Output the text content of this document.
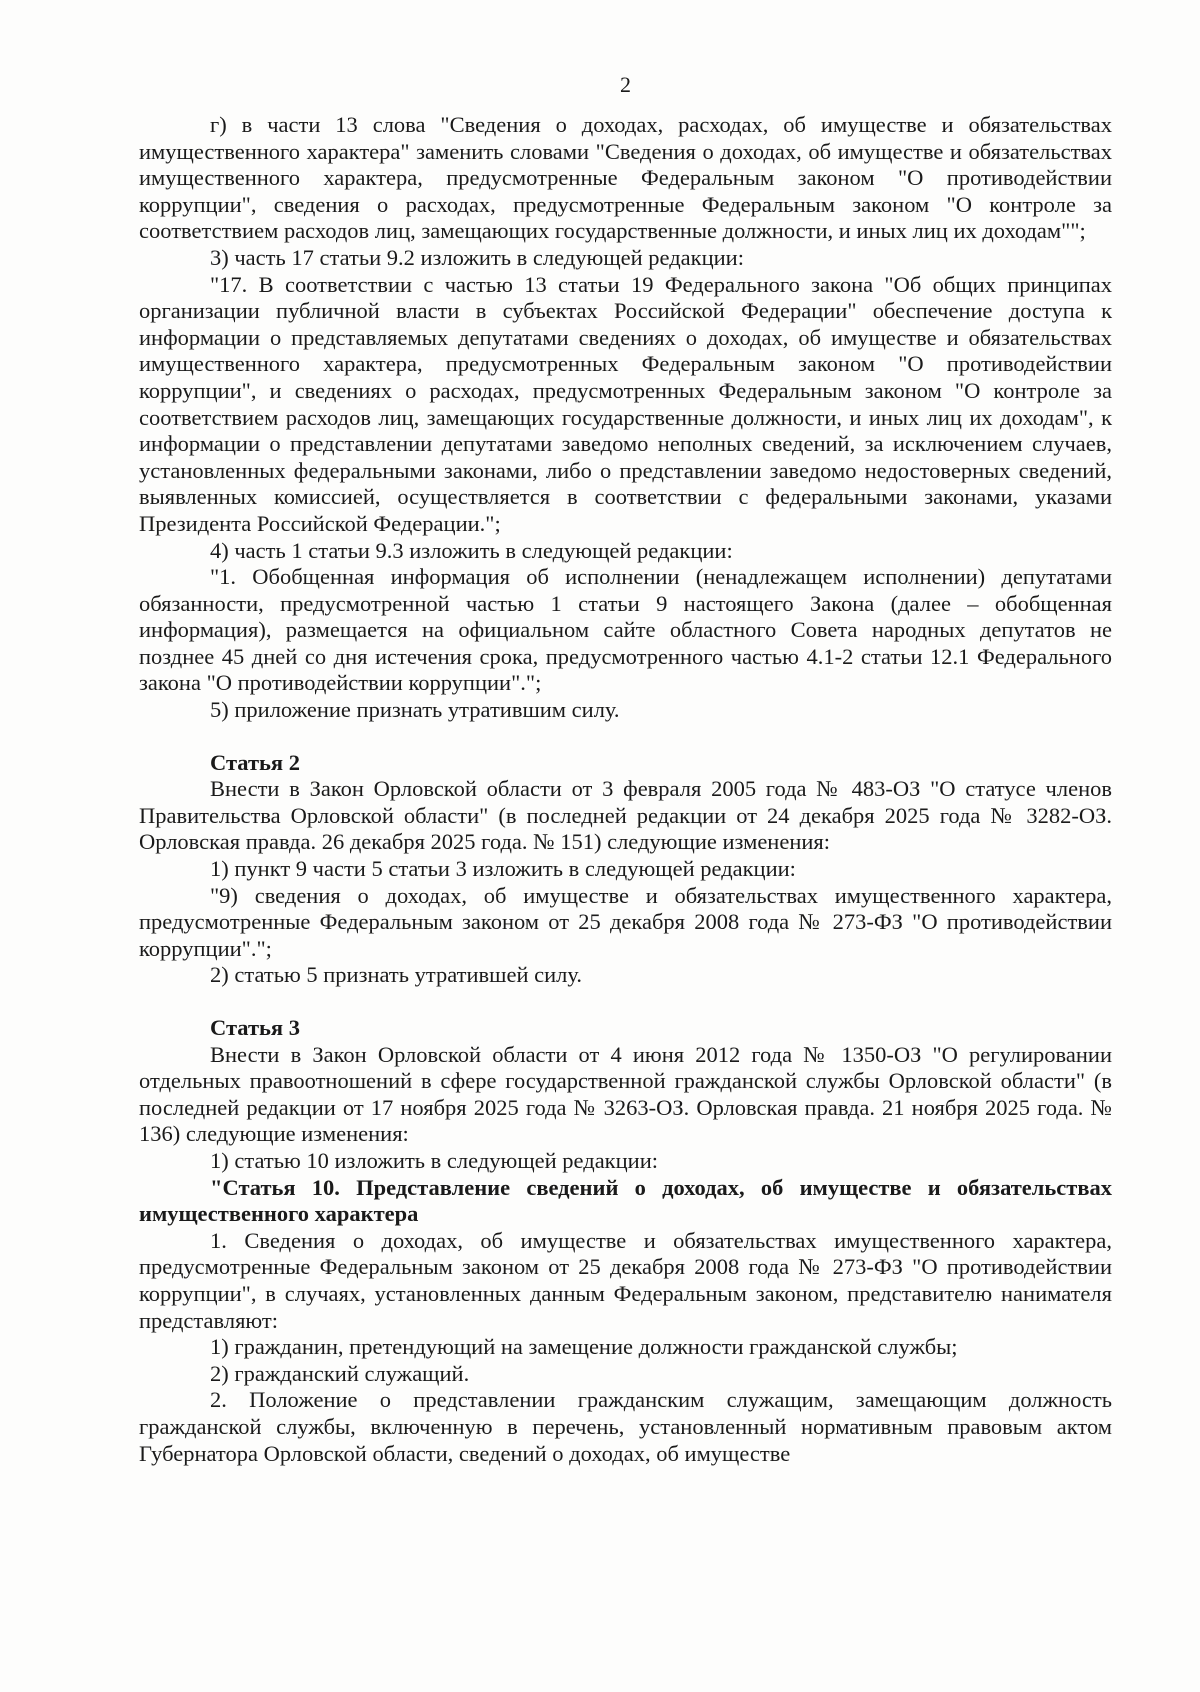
2

г) в части 13 слова "Сведения о доходах, расходах, об имуществе и обязательствах имущественного характера" заменить словами "Сведения о доходах, об имуществе и обязательствах имущественного характера, предусмотренные Федеральным законом "О противодействии коррупции", сведения о расходах, предусмотренные Федеральным законом "О контроле за соответствием расходов лиц, замещающих государственные должности, и иных лиц их доходам"";

3) часть 17 статьи 9.2 изложить в следующей редакции:

"17. В соответствии с частью 13 статьи 19 Федерального закона "Об общих принципах организации публичной власти в субъектах Российской Федерации" обеспечение доступа к информации о представляемых депутатами сведениях о доходах, об имуществе и обязательствах имущественного характера, предусмотренных Федеральным законом "О противодействии коррупции", и сведениях о расходах, предусмотренных Федеральным законом "О контроле за соответствием расходов лиц, замещающих государственные должности, и иных лиц их доходам", к информации о представлении депутатами заведомо неполных сведений, за исключением случаев, установленных федеральными законами, либо о представлении заведомо недостоверных сведений, выявленных комиссией, осуществляется в соответствии с федеральными законами, указами Президента Российской Федерации.";

4) часть 1 статьи 9.3 изложить в следующей редакции:

"1. Обобщенная информация об исполнении (ненадлежащем исполнении) депутатами обязанности, предусмотренной частью 1 статьи 9 настоящего Закона (далее – обобщенная информация), размещается на официальном сайте областного Совета народных депутатов не позднее 45 дней со дня истечения срока, предусмотренного частью 4.1-2 статьи 12.1 Федерального закона "О противодействии коррупции".";

5) приложение признать утратившим силу.

Статья 2

Внести в Закон Орловской области от 3 февраля 2005 года № 483-ОЗ "О статусе членов Правительства Орловской области" (в последней редакции от 24 декабря 2025 года № 3282-ОЗ. Орловская правда. 26 декабря 2025 года. № 151) следующие изменения:

1) пункт 9 части 5 статьи 3 изложить в следующей редакции:

"9) сведения о доходах, об имуществе и обязательствах имущественного характера, предусмотренные Федеральным законом от 25 декабря 2008 года № 273-ФЗ "О противодействии коррупции".";

2) статью 5 признать утратившей силу.

Статья 3

Внести в Закон Орловской области от 4 июня 2012 года № 1350-ОЗ "О регулировании отдельных правоотношений в сфере государственной гражданской службы Орловской области" (в последней редакции от 17 ноября 2025 года № 3263-ОЗ. Орловская правда. 21 ноября 2025 года. № 136) следующие изменения:

1) статью 10 изложить в следующей редакции:

"Статья 10. Представление сведений о доходах, об имуществе и обязательствах имущественного характера

1. Сведения о доходах, об имуществе и обязательствах имущественного характера, предусмотренные Федеральным законом от 25 декабря 2008 года № 273-ФЗ "О противодействии коррупции", в случаях, установленных данным Федеральным законом, представителю нанимателя представляют:

1) гражданин, претендующий на замещение должности гражданской службы;

2) гражданский служащий.

2. Положение о представлении гражданским служащим, замещающим должность гражданской службы, включенную в перечень, установленный нормативным правовым актом Губернатора Орловской области, сведений о доходах, об имуществе
